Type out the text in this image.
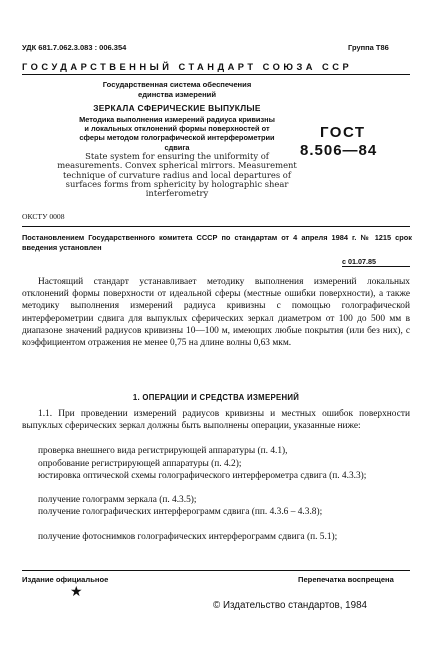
УДК 681.7.062.3.083 : 006.354	Группа Т86
ГОСУДАРСТВЕННЫЙ СТАНДАРТ СОЮЗА ССР
Государственная система обеспечения
единства измерений
ЗЕРКАЛА СФЕРИЧЕСКИЕ ВЫПУКЛЫЕ
Методика выполнения измерений радиуса кривизны
и локальных отклонений формы поверхностей от
сферы методом голографической интерферометрии
сдвига
State system for ensuring the uniformity of
measurements. Convex spherical mirrors. Measurement
technique of curvature radius and local departures of
surfaces forms from sphericity by holographic shear
interferometry
ГОСТ
8.506—84
ОКСТУ 0008
Постановлением Государственного комитета СССР по стандартам от 4 апреля 1984 г. № 1215 срок введения установлен
с 01.07.85
Настоящий стандарт устанавливает методику выполнения измерений локальных отклонений формы поверхности от идеальной сферы (местные ошибки поверхности), а также методику выполнения измерений радиуса кривизны с помощью голографической интерферометрии сдвига для выпуклых сферических зеркал диаметром от 100 до 500 мм в диапазоне значений радиусов кривизны 10—100 м, имеющих любые покрытия (или без них), с коэффициентом отражения не менее 0,75 на длине волны 0,63 мкм.
1. ОПЕРАЦИИ И СРЕДСТВА ИЗМЕРЕНИЙ
1.1. При проведении измерений радиусов кривизны и местных ошибок поверхности выпуклых сферических зеркал должны быть выполнены операции, указанные ниже:
проверка внешнего вида регистрирующей аппаратуры (п. 4.1),
опробование регистрирующей аппаратуры (п. 4.2);
юстировка оптической схемы голографического интерферометра сдвига (п. 4.3.3);
получение голограмм зеркала (п. 4.3.5);
получение голографических интерферограмм сдвига (пп. 4.3.6 – 4.3.8);
получение фотоснимков голографических интерферограмм сдвига (п. 5.1);
Издание официальное	Перепечатка воспрещена
★
© Издательство стандартов, 1984
